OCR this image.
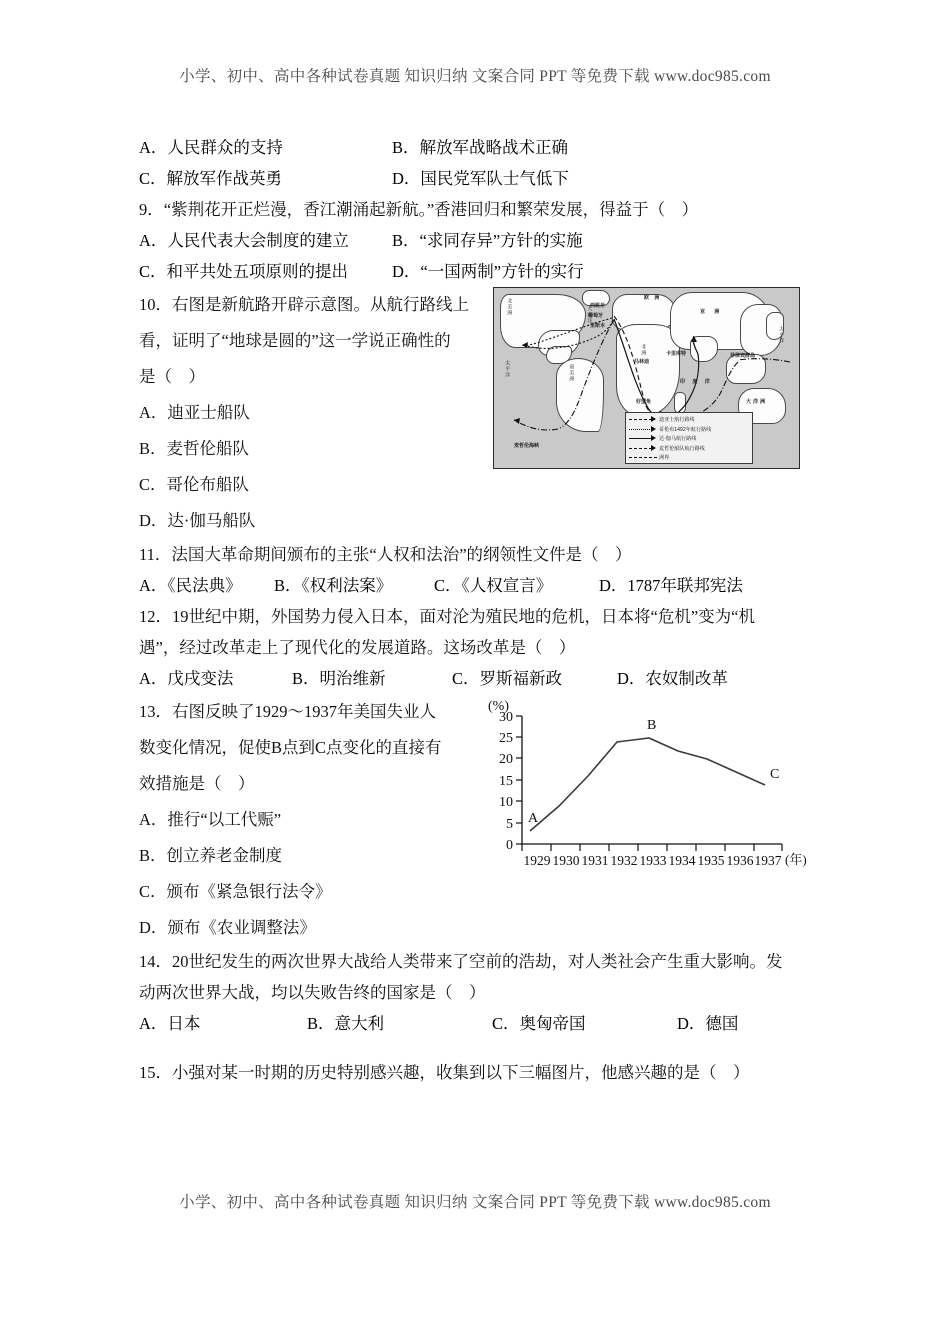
小学、初中、高中各种试卷真题 知识归纳 文案合同 PPT 等免费下载 www.doc985.com
A．人民群众的支持	B．解放军战略战术正确
C．解放军作战英勇	D．国民党军队士气低下
9．“紫荆花开正烂漫，香江潮涌起新航。”香港回归和繁荣发展，得益于（    ）
A．人民代表大会制度的建立	B．“求同存异”方针的实施
C．和平共处五项原则的提出	D．“一国两制”方针的实行
10．右图是新航路开辟示意图。从航行路线上
看，证明了“地球是圆的”这一学说正确性的
是（    ）
A．迪亚士船队
B．麦哲伦船队
C．哥伦布船队
D．达·伽马船队
北美洲
南美洲
欧 洲
非洲
亚 洲
大洋洲
太平洋
大西洋
印 度 洋
太平洋
西班牙
葡萄牙
里斯本
马林迪
卡里库特	菲律宾群岛
好望角
麦哲伦海峡
迪亚士航行路线
哥伦布1492年航行路线
达·伽马航行路线
麦哲伦船队航行路线
洲界
11．法国大革命期间颁布的主张“人权和法治”的纲领性文件是（    ）
A．《民法典》	B．《权利法案》	C．《人权宣言》	D．1787年联邦宪法
12．19世纪中期，外国势力侵入日本，面对沦为殖民地的危机，日本将“危机”变为“机
遇”，经过改革走上了现代化的发展道路。这场改革是（    ）
A．戊戌变法	B．明治维新	C．罗斯福新政	D．农奴制改革
13．右图反映了1929～1937年美国失业人
数变化情况，促使B点到C点变化的直接有
效措施是（    ）
A．推行“以工代赈”
B．创立养老金制度
C．颁布《紧急银行法令》
D．颁布《农业调整法》
(%)
30
25
20
15
10
5
0
1929 1930 1931 1932 1933 1934 1935 1936 1937 (年)
A
B
C
14．20世纪发生的两次世界大战给人类带来了空前的浩劫，对人类社会产生重大影响。发
动两次世界大战，均以失败告终的国家是（    ）
A．日本	B．意大利	C．奥匈帝国	D．德国
15．小强对某一时期的历史特别感兴趣，收集到以下三幅图片，他感兴趣的是（    ）
小学、初中、高中各种试卷真题 知识归纳 文案合同 PPT 等免费下载 www.doc985.com
